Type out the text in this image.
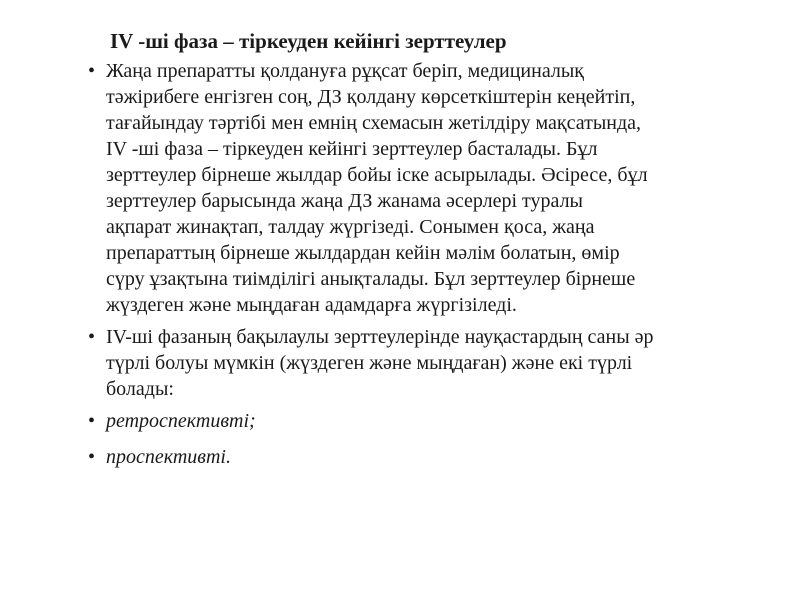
IV -ші фаза – тіркеуден кейінгі зерттеулер
• Жаңа препаратты қолдануға рұқсат беріп, медициналық
тәжірибеге енгізген соң, ДЗ қолдану көрсеткіштерін кеңейтіп,
тағайындау тәртібі мен емнің схемасын жетілдіру мақсатында,
IV -ші фаза – тіркеуден кейінгі зерттеулер басталады. Бұл
зерттеулер бірнеше жылдар бойы іске асырылады. Әсіресе, бұл
зерттеулер барысында жаңа ДЗ жанама әсерлері туралы
ақпарат жинақтап, талдау жүргізеді. Сонымен қоса, жаңа
препараттың бірнеше жылдардан кейін мәлім болатын, өмір
сүру ұзақтына тиімділігі анықталады. Бұл зерттеулер бірнеше
жүздеген және мыңдаған адамдарға жүргізіледі.
• IV-ші фазаның бақылаулы зерттеулерінде науқастардың саны әр
түрлі болуы мүмкін (жүздеген және мыңдаған) және екі түрлі
болады:
• ретроспективті;
• проспективті.
